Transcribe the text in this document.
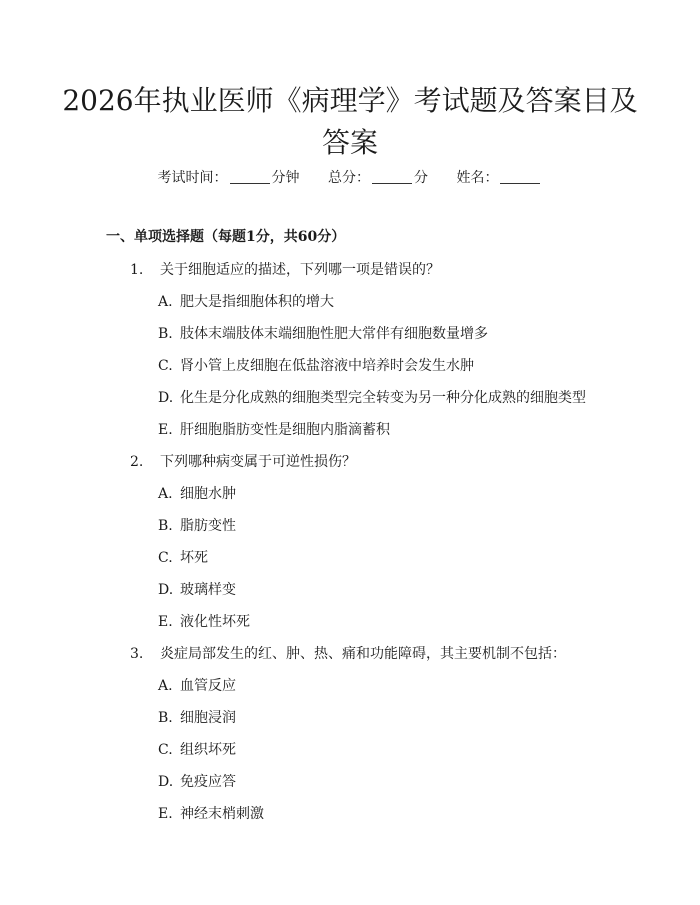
2026年执业医师《病理学》考试题及答案目及答案
考试时间：	分钟 总分：	分 姓名：
一、单项选择题（每题1分，共60分）
1. 关于细胞适应的描述，下列哪一项是错误的？
A. 肥大是指细胞体积的增大
B. 肢体末端肢体末端细胞性肥大常伴有细胞数量增多
C. 肾小管上皮细胞在低盐溶液中培养时会发生水肿
D. 化生是分化成熟的细胞类型完全转变为另一种分化成熟的细胞类型
E. 肝细胞脂肪变性是细胞内脂滴蓄积
2. 下列哪种病变属于可逆性损伤？
A. 细胞水肿
B. 脂肪变性
C. 坏死
D. 玻璃样变
E. 液化性坏死
3. 炎症局部发生的红、肿、热、痛和功能障碍，其主要机制不包括：
A. 血管反应
B. 细胞浸润
C. 组织坏死
D. 免疫应答
E. 神经末梢刺激
